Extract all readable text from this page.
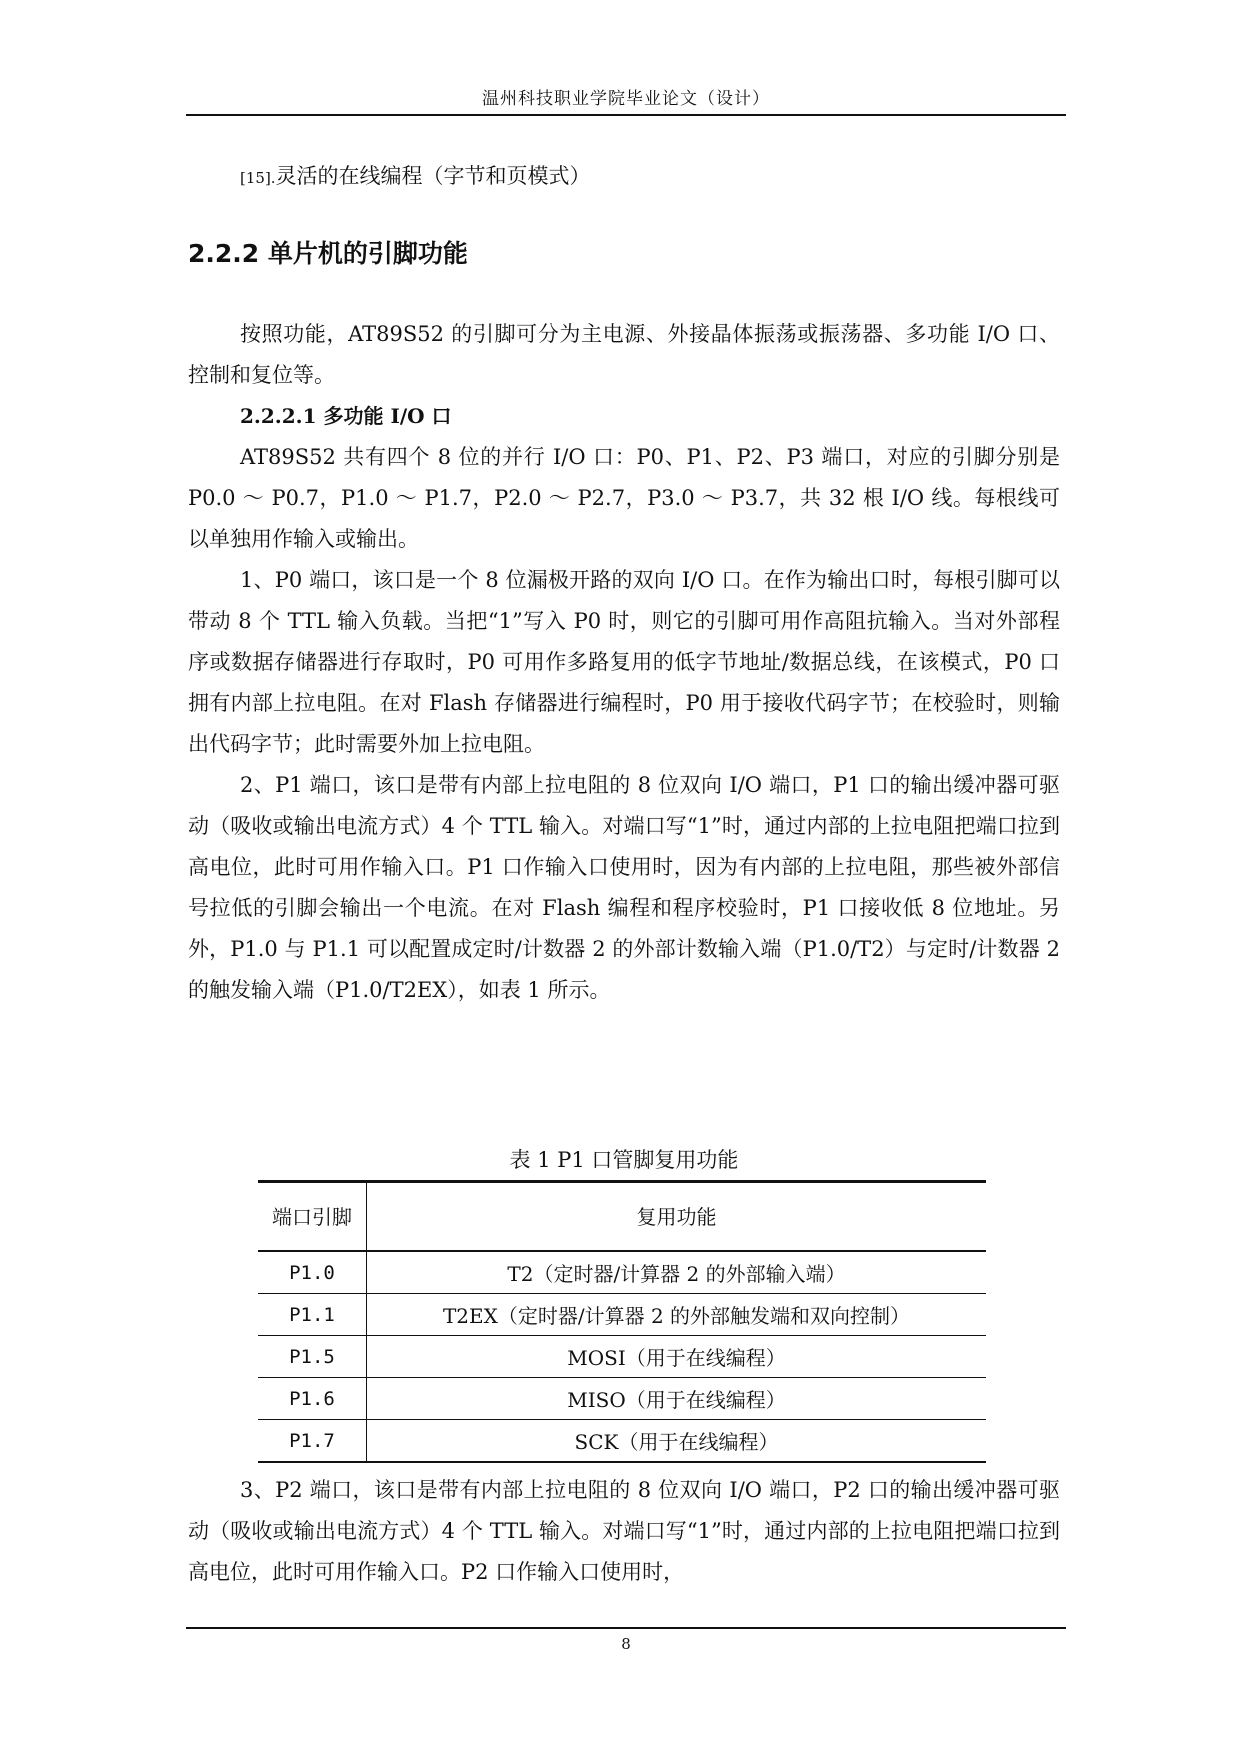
温州科技职业学院毕业论文（设计）
[15].灵活的在线编程（字节和页模式）
2.2.2 单片机的引脚功能

按照功能，AT89S52 的引脚可分为主电源、外接晶体振荡或振荡器、多功能 I/O 口、控制和复位等。

2.2.2.1 多功能 I/O 口

AT89S52 共有四个 8 位的并行 I/O 口：P0、P1、P2、P3 端口，对应的引脚分别是 P0.0 ～ P0.7，P1.0 ～ P1.7，P2.0 ～ P2.7，P3.0 ～ P3.7，共 32 根 I/O 线。每根线可以单独用作输入或输出。

1、P0 端口，该口是一个 8 位漏极开路的双向 I/O 口。在作为输出口时，每根引脚可以带动 8 个 TTL 输入负载。当把“1”写入 P0 时，则它的引脚可用作高阻抗输入。当对外部程序或数据存储器进行存取时，P0 可用作多路复用的低字节地址/数据总线，在该模式，P0 口拥有内部上拉电阻。在对 Flash 存储器进行编程时，P0 用于接收代码字节；在校验时，则输出代码字节；此时需要外加上拉电阻。

2、P1 端口，该口是带有内部上拉电阻的 8 位双向 I/O 端口，P1 口的输出缓冲器可驱动（吸收或输出电流方式）4 个 TTL 输入。对端口写“1”时，通过内部的上拉电阻把端口拉到高电位，此时可用作输入口。P1 口作输入口使用时，因为有内部的上拉电阻，那些被外部信号拉低的引脚会输出一个电流。在对 Flash 编程和程序校验时，P1 口接收低 8 位地址。另外，P1.0 与 P1.1 可以配置成定时/计数器 2 的外部计数输入端（P1.0/T2）与定时/计数器 2 的触发输入端（P1.0/T2EX），如表 1 所示。

表 1 P1 口管脚复用功能
端口引脚	复用功能
P1.0	T2（定时器/计算器 2 的外部输入端）
P1.1	T2EX（定时器/计算器 2 的外部触发端和双向控制）
P1.5	MOSI（用于在线编程）
P1.6	MISO（用于在线编程）
P1.7	SCK（用于在线编程）

3、P2 端口，该口是带有内部上拉电阻的 8 位双向 I/O 端口，P2 口的输出缓冲器可驱动（吸收或输出电流方式）4 个 TTL 输入。对端口写“1”时，通过内部的上拉电阻把端口拉到高电位，此时可用作输入口。P2 口作输入口使用时，

8
